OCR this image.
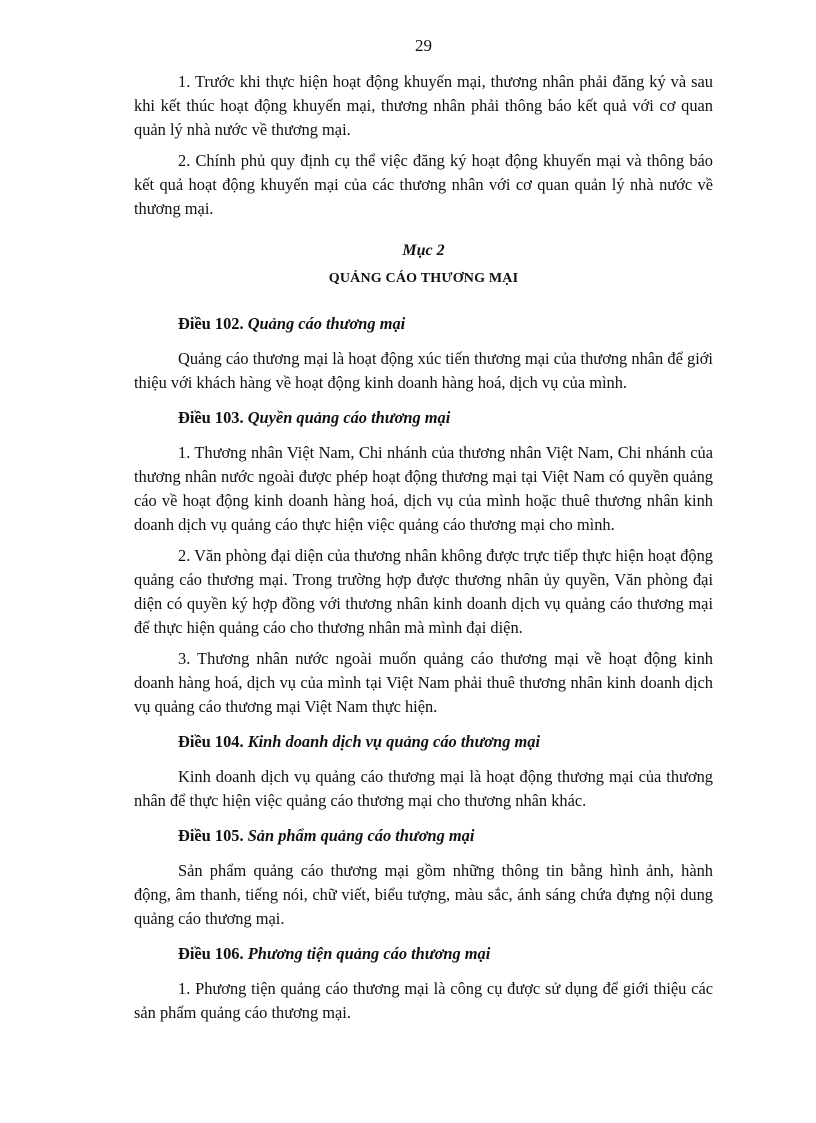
29

1. Trước khi thực hiện hoạt động khuyến mại, thương nhân phải đăng ký và sau khi kết thúc hoạt động khuyến mại, thương nhân phải thông báo kết quả với cơ quan quản lý nhà nước về thương mại.

2. Chính phủ quy định cụ thể việc đăng ký hoạt động khuyến mại và thông báo kết quả hoạt động khuyến mại của các thương nhân với cơ quan quản lý nhà nước về thương mại.

Mục 2
QUẢNG CÁO THƯƠNG MẠI
Điều 102. Quảng cáo thương mại

Quảng cáo thương mại là hoạt động xúc tiến thương mại của thương nhân để giới thiệu với khách hàng về hoạt động kinh doanh hàng hoá, dịch vụ của mình.

Điều 103. Quyền quảng cáo thương mại

1. Thương nhân Việt Nam, Chi nhánh của thương nhân Việt Nam, Chi nhánh của thương nhân nước ngoài được phép hoạt động thương mại tại Việt Nam có quyền quảng cáo về hoạt động kinh doanh hàng hoá, dịch vụ của mình hoặc thuê thương nhân kinh doanh dịch vụ quảng cáo thực hiện việc quảng cáo thương mại cho mình.

2. Văn phòng đại diện của thương nhân không được trực tiếp thực hiện hoạt động quảng cáo thương mại. Trong trường hợp được thương nhân ủy quyền, Văn phòng đại diện có quyền ký hợp đồng với thương nhân kinh doanh dịch vụ quảng cáo thương mại để thực hiện quảng cáo cho thương nhân mà mình đại diện.

3. Thương nhân nước ngoài muốn quảng cáo thương mại về hoạt động kinh doanh hàng hoá, dịch vụ của mình tại Việt Nam phải thuê thương nhân kinh doanh dịch vụ quảng cáo thương mại Việt Nam thực hiện.

Điều 104. Kinh doanh dịch vụ quảng cáo thương mại

Kinh doanh dịch vụ quảng cáo thương mại là hoạt động thương mại của thương nhân để thực hiện việc quảng cáo thương mại cho thương nhân khác.

Điều 105. Sản phẩm quảng cáo thương mại

Sản phẩm quảng cáo thương mại gồm những thông tin bằng hình ảnh, hành động, âm thanh, tiếng nói, chữ viết, biểu tượng, màu sắc, ánh sáng chứa đựng nội dung quảng cáo thương mại.

Điều 106. Phương tiện quảng cáo thương mại

1. Phương tiện quảng cáo thương mại là công cụ được sử dụng để giới thiệu các sản phẩm quảng cáo thương mại.
